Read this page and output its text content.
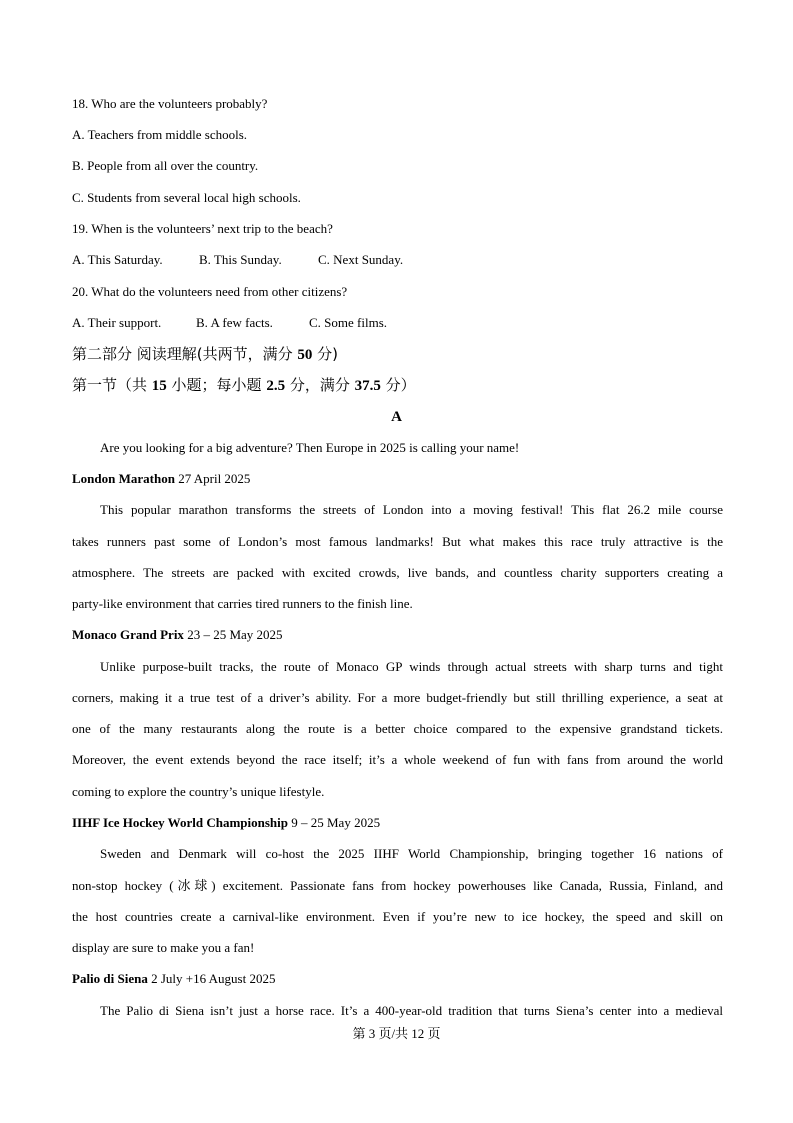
18. Who are the volunteers probably?
A. Teachers from middle schools.
B. People from all over the country.
C. Students from several local high schools.
19. When is the volunteers’ next trip to the beach?
A. This Saturday.	B. This Sunday.	C. Next Sunday.
20. What do the volunteers need from other citizens?
A. Their support.	B. A few facts.	C. Some films.
第二部分 阅读理解(共两节，满分 50 分)
第一节（共 15 小题；每小题 2.5 分，满分 37.5 分）
A
Are you looking for a big adventure? Then Europe in 2025 is calling your name!
London Marathon 27 April 2025
This popular marathon transforms the streets of London into a moving festival! This flat 26.2 mile course
takes runners past some of London’s most famous landmarks! But what makes this race truly attractive is the
atmosphere. The streets are packed with excited crowds, live bands, and countless charity supporters creating a
party-like environment that carries tired runners to the finish line.
Monaco Grand Prix 23 – 25 May 2025
Unlike purpose-built tracks, the route of Monaco GP winds through actual streets with sharp turns and tight
corners, making it a true test of a driver’s ability. For a more budget-friendly but still thrilling experience, a seat at
one of the many restaurants along the route is a better choice compared to the expensive grandstand tickets.
Moreover, the event extends beyond the race itself; it’s a whole weekend of fun with fans from around the world
coming to explore the country’s unique lifestyle.
IIHF Ice Hockey World Championship 9 – 25 May 2025
Sweden and Denmark will co-host the 2025 IIHF World Championship, bringing together 16 nations of
non-stop hockey (冰球) excitement. Passionate fans from hockey powerhouses like Canada, Russia, Finland, and
the host countries create a carnival-like environment. Even if you’re new to ice hockey, the speed and skill on
display are sure to make you a fan!
Palio di Siena 2 July +16 August 2025
The Palio di Siena isn’t just a horse race. It’s a 400-year-old tradition that turns Siena’s center into a medieval
第 3 页/共 12 页
